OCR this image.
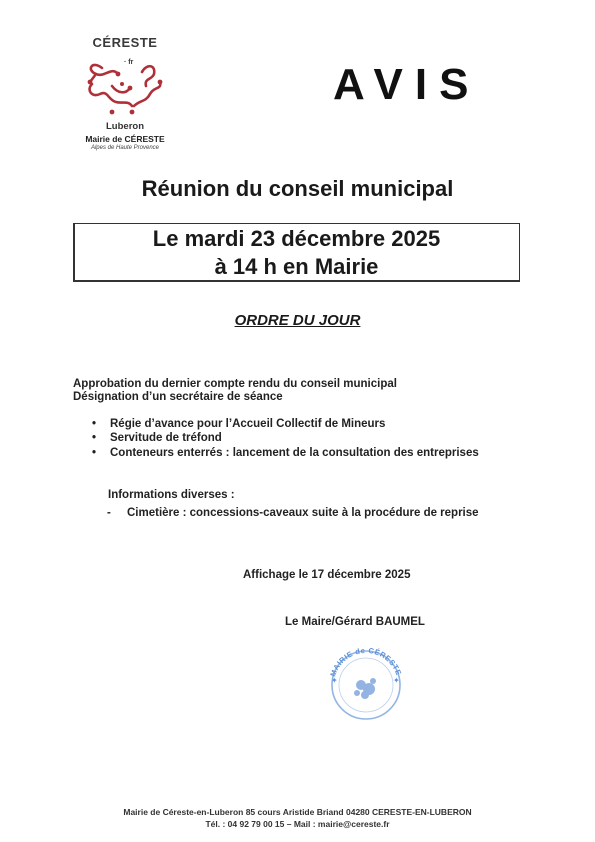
CÉRESTE
· fr
Luberon
Mairie de CÉRESTE
Alpes de Haute Provence
AVIS
Réunion du conseil municipal
Le mardi 23 décembre 2025
à 14 h en Mairie
ORDRE DU JOUR
Approbation du dernier compte rendu du conseil municipal
Désignation d’un secrétaire de séance
• Régie d’avance pour l’Accueil Collectif de Mineurs
• Servitude de tréfond
• Conteneurs enterrés : lancement de la consultation des entreprises
Informations diverses :
- Cimetière : concessions-caveaux suite à la procédure de reprise
Affichage le 17 décembre 2025
Le Maire/Gérard BAUMEL
MAIRIE de CÉRESTE
✦	✦
Mairie de Céreste-en-Luberon 85 cours Aristide Briand 04280 CERESTE-EN-LUBERON
Tél. : 04 92 79 00 15 – Mail : mairie@cereste.fr
